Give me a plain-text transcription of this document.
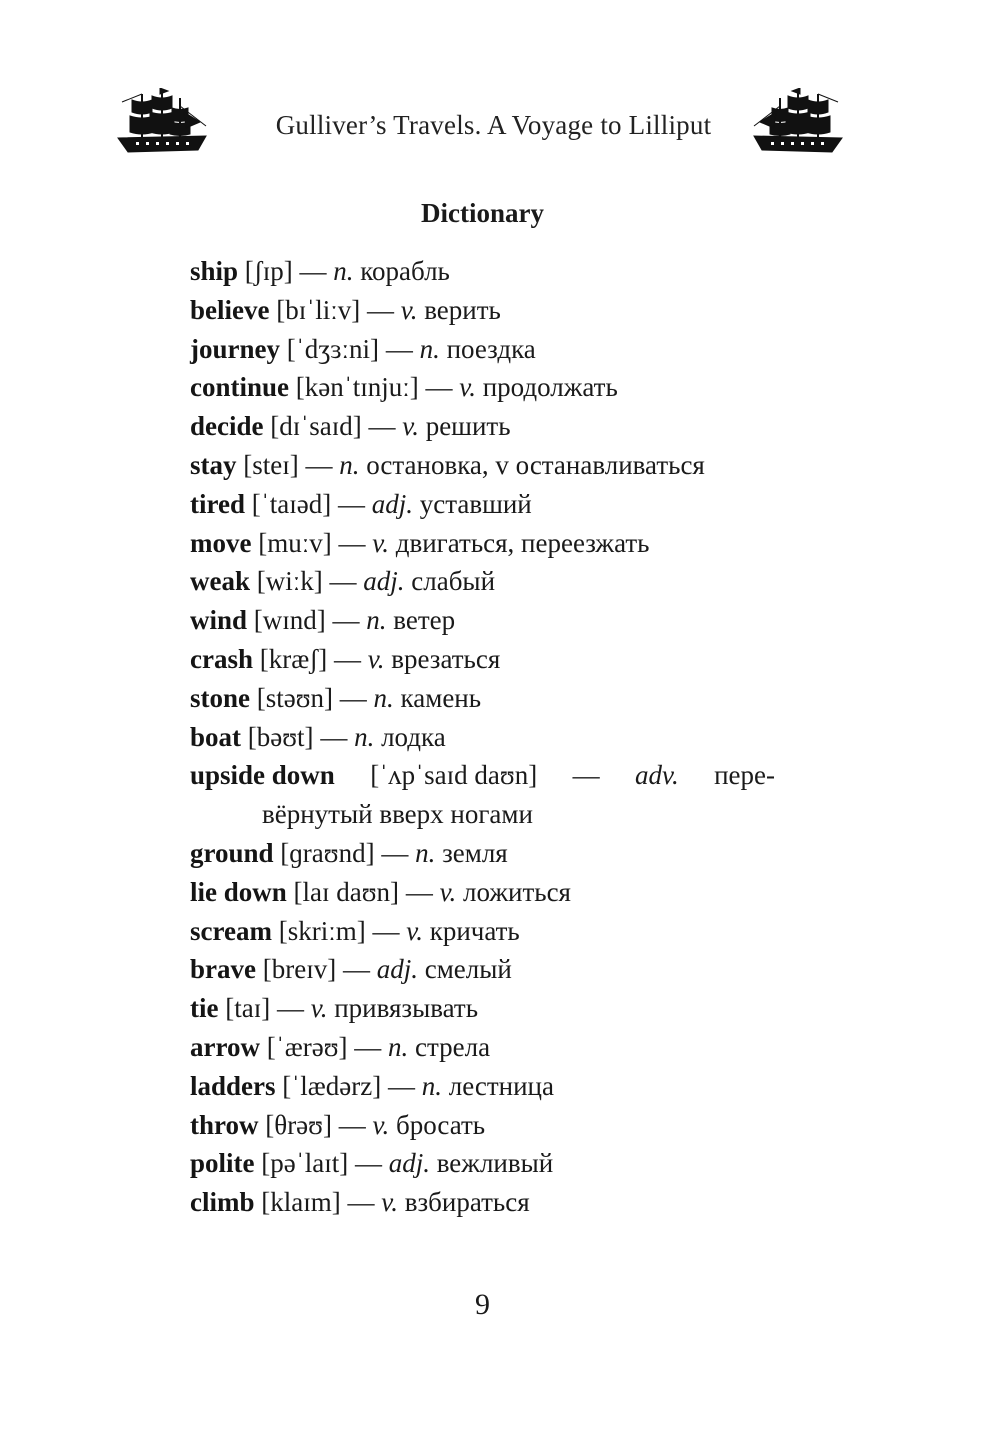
Gulliver’s Travels. A Voyage to Lilliput
Dictionary
ship [ʃɪp] — n. корабль
believe [bɪˈliːv] — v. верить
journey [ˈdʒɜːni] — n. поездка
continue [kənˈtɪnjuː] — v. продолжать
decide [dɪˈsaɪd] — v. решить
stay [steɪ] — n. остановка, v останавливаться
tired [ˈtaɪəd] — adj. уставший
move [muːv] — v. двигаться, переезжать
weak [wiːk] — adj. слабый
wind [wɪnd] — n. ветер
crash [kræʃ] — v. врезаться
stone [stəʊn] — n. камень
boat [bəʊt] — n. лодка
upside down [ˈʌpˈsaɪd daʊn] — adv. пере-
вёрнутый вверх ногами
ground [ɡraʊnd] — n. земля
lie down [laɪ daʊn] — v. ложиться
scream [skriːm] — v. кричать
brave [breɪv] — adj. смелый
tie [taɪ] — v. привязывать
arrow [ˈærəʊ] — n. стрела
ladders [ˈlædərz] — n. лестница
throw [θrəʊ] — v. бросать
polite [pəˈlaɪt] — adj. вежливый
climb [klaɪm] — v. взбираться
9
